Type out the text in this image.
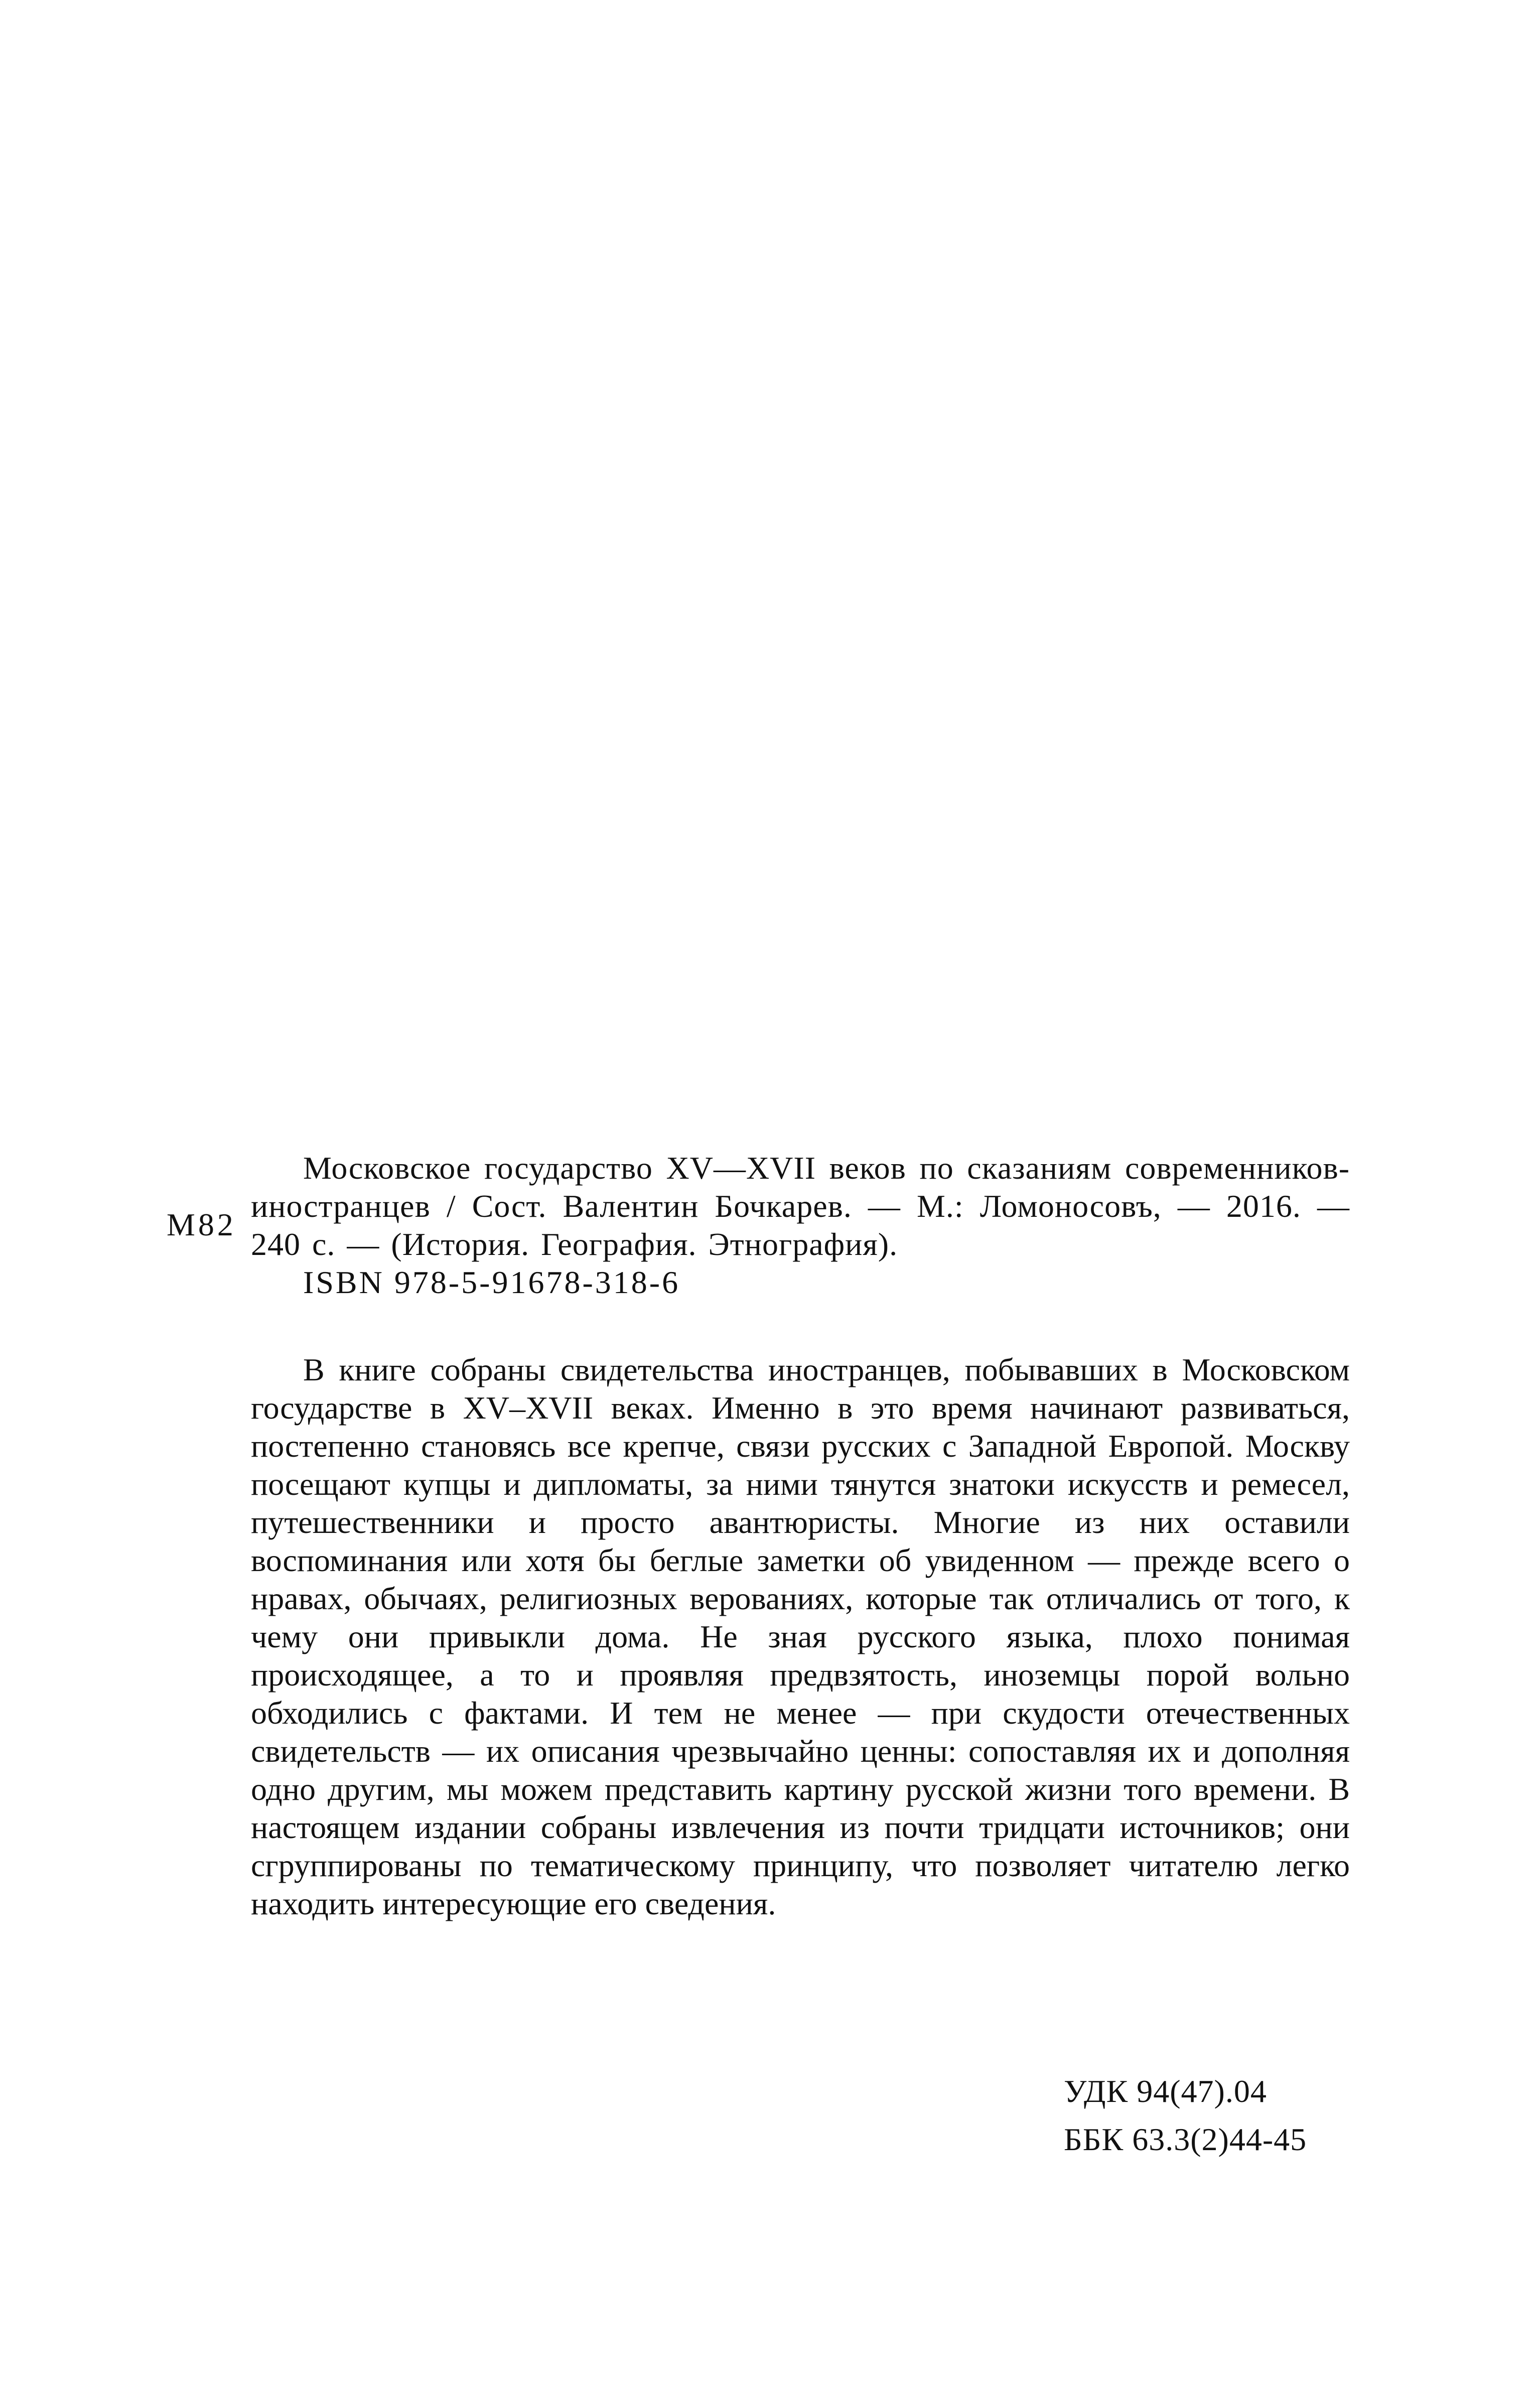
М82
Московское государство XV—XVII веков по сказаниям современников-иностранцев / Сост. Валентин Бочкарев. — М.: Ломоносовъ, — 2016. — 240 с. — (История. География. Этнография).
ISBN 978-5-91678-318-6
В книге собраны свидетельства иностранцев, побывавших в Московском государстве в XV–XVII веках. Именно в это время начинают развиваться, постепенно становясь все крепче, связи русских с Западной Европой. Москву посещают купцы и дипломаты, за ними тянутся знатоки искусств и ремесел, путешественники и просто авантюристы. Многие из них оставили воспоминания или хотя бы беглые заметки об увиденном — прежде всего о нравах, обычаях, религиозных верованиях, которые так отличались от того, к чему они привыкли дома. Не зная русского языка, плохо понимая происходящее, а то и проявляя предвзятость, иноземцы порой вольно обходились с фактами. И тем не менее — при скудости отечественных свидетельств — их описания чрезвычайно ценны: сопоставляя их и дополняя одно другим, мы можем представить картину русской жизни того времени. В настоящем издании собраны извлечения из почти тридцати источников; они сгруппированы по тематическому принципу, что позволяет читателю легко находить интересующие его сведения.
УДК 94(47).04
ББК 63.3(2)44-45
